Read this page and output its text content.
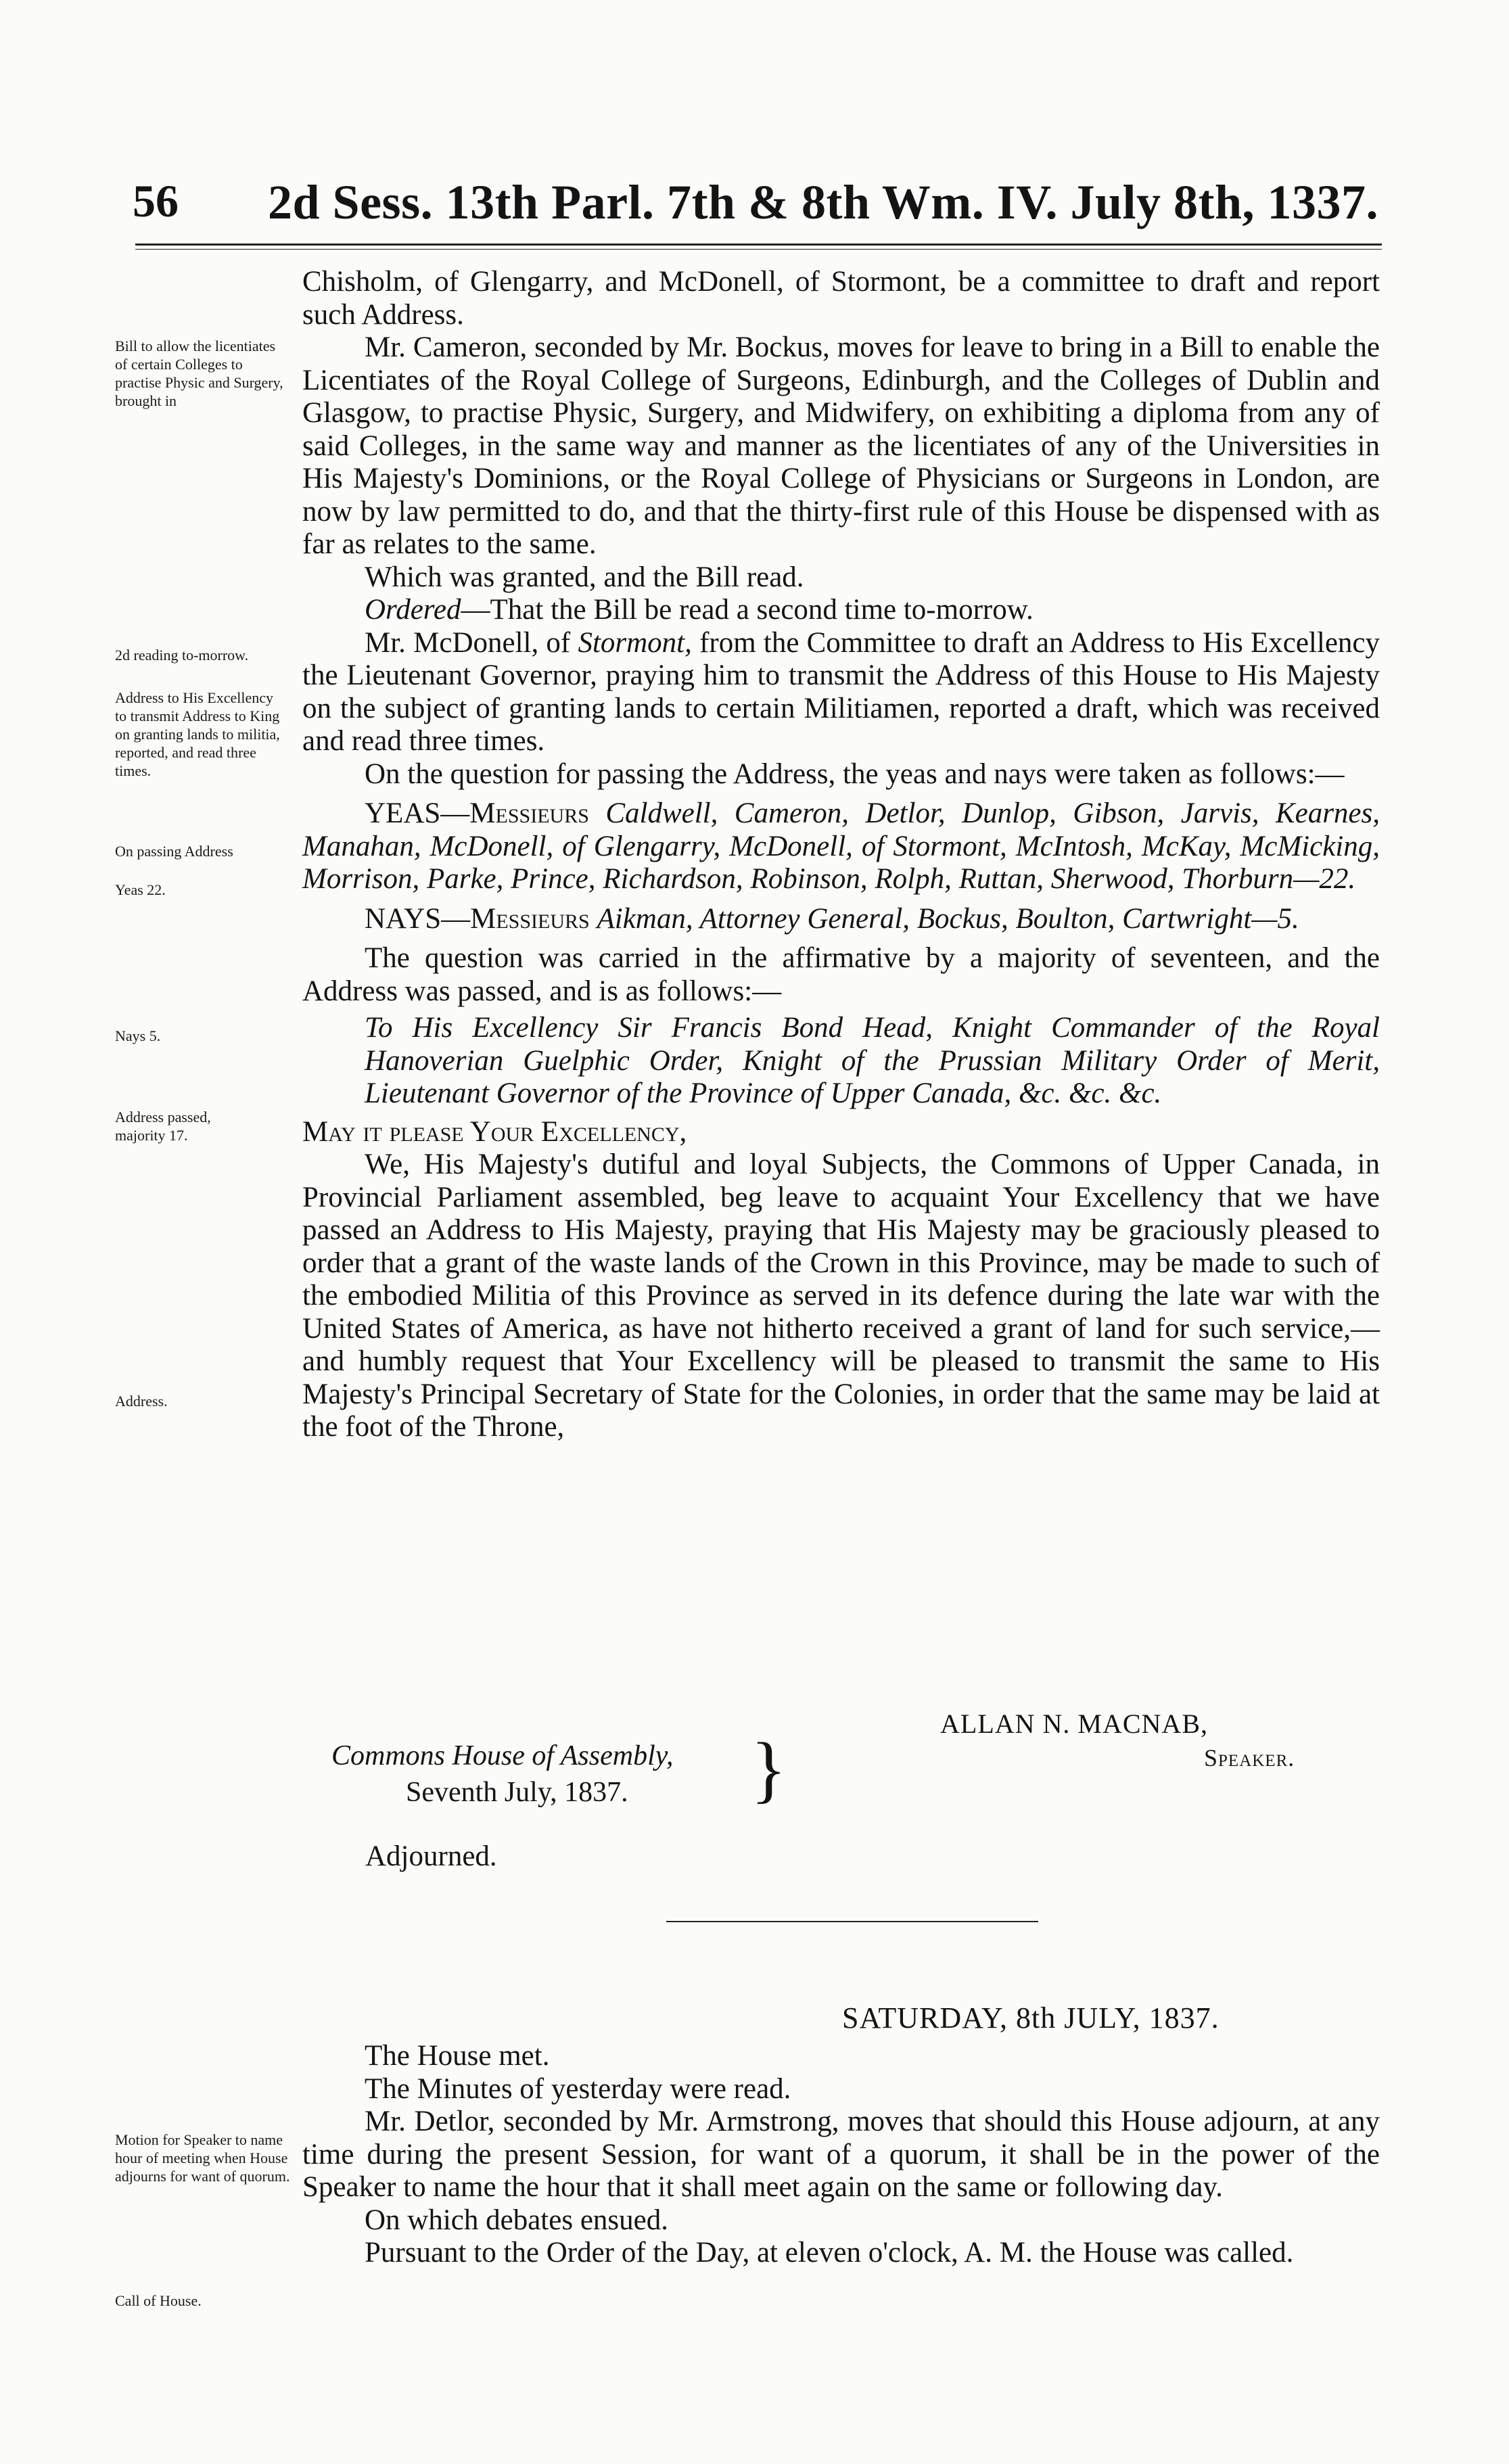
56 2d Sess. 13th Parl. 7th & 8th Wm. IV. July 8th, 1337.
Bill to allow the licentiates of certain Colleges to practise Physic and Surgery, brought in
2d reading to-morrow.
Address to His Excellency to transmit Address to King on granting lands to militia, reported, and read three times.
On passing Address
Yeas 22.
Nays 5.
Address passed, majority 17.
Address.
Motion for Speaker to name hour of meeting when House adjourns for want of quorum.
Call of House.

Chisholm, of Glengarry, and McDonell, of Stormont, be a committee to draft and report such Address.

Mr. Cameron, seconded by Mr. Bockus, moves for leave to bring in a Bill to enable the Licentiates of the Royal College of Surgeons, Edinburgh, and the Colleges of Dublin and Glasgow, to practise Physic, Surgery, and Midwifery, on exhibiting a diploma from any of said Colleges, in the same way and manner as the licentiates of any of the Universities in His Majesty's Dominions, or the Royal College of Physicians or Surgeons in London, are now by law permitted to do, and that the thirty-first rule of this House be dispensed with as far as relates to the same.

Which was granted, and the Bill read.

Ordered—That the Bill be read a second time to-morrow.

Mr. McDonell, of Stormont, from the Committee to draft an Address to His Excellency the Lieutenant Governor, praying him to transmit the Address of this House to His Majesty on the subject of granting lands to certain Militiamen, reported a draft, which was received and read three times.

On the question for passing the Address, the yeas and nays were taken as follows:—

YEAS—Messieurs Caldwell, Cameron, Detlor, Dunlop, Gibson, Jarvis, Kearnes, Manahan, McDonell, of Glengarry, McDonell, of Stormont, McIntosh, McKay, McMicking, Morrison, Parke, Prince, Richardson, Robinson, Rolph, Ruttan, Sherwood, Thorburn—22.

NAYS—Messieurs Aikman, Attorney General, Bockus, Boulton, Cartwright—5.

The question was carried in the affirmative by a majority of seventeen, and the Address was passed, and is as follows:—

To His Excellency Sir Francis Bond Head, Knight Commander of the Royal Hanoverian Guelphic Order, Knight of the Prussian Military Order of Merit, Lieutenant Governor of the Province of Upper Canada, &c. &c. &c.

May it please Your Excellency,

We, His Majesty's dutiful and loyal Subjects, the Commons of Upper Canada, in Provincial Parliament assembled, beg leave to acquaint Your Excellency that we have passed an Address to His Majesty, praying that His Majesty may be graciously pleased to order that a grant of the waste lands of the Crown in this Province, may be made to such of the embodied Militia of this Province as served in its defence during the late war with the United States of America, as have not hitherto received a grant of land for such service,—and humbly request that Your Excellency will be pleased to transmit the same to His Majesty's Principal Secretary of State for the Colonies, in order that the same may be laid at the foot of the Throne,

ALLAN N. MACNAB,
Speaker.
Commons House of Assembly,
Seventh July, 1837. }
Adjourned.
SATURDAY, 8th JULY, 1837.

The House met.

The Minutes of yesterday were read.

Mr. Detlor, seconded by Mr. Armstrong, moves that should this House adjourn, at any time during the present Session, for want of a quorum, it shall be in the power of the Speaker to name the hour that it shall meet again on the same or following day.

On which debates ensued.

Pursuant to the Order of the Day, at eleven o'clock, A. M. the House was called.
